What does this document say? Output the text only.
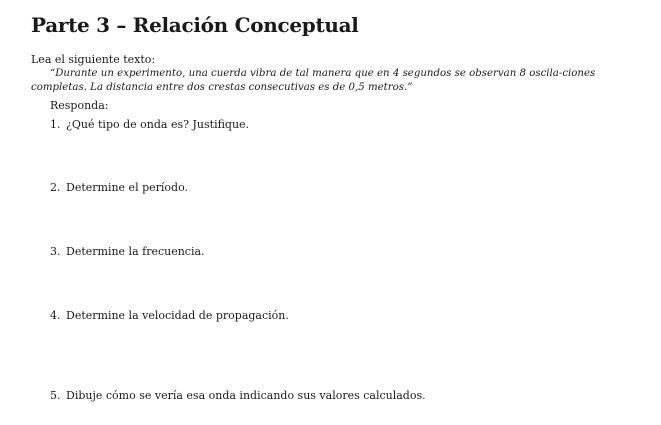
Parte 3 – Relación Conceptual

Lea el siguiente texto:

“Durante un experimento, una cuerda vibra de tal manera que en 4 segundos se observan 8 oscila-ciones completas. La distancia entre dos crestas consecutivas es de 0,5 metros.”

Responda:

1. ¿Qué tipo de onda es? Justifique.
2. Determine el período.
3. Determine la frecuencia.
4. Determine la velocidad de propagación.
5. Dibuje cómo se vería esa onda indicando sus valores calculados.
